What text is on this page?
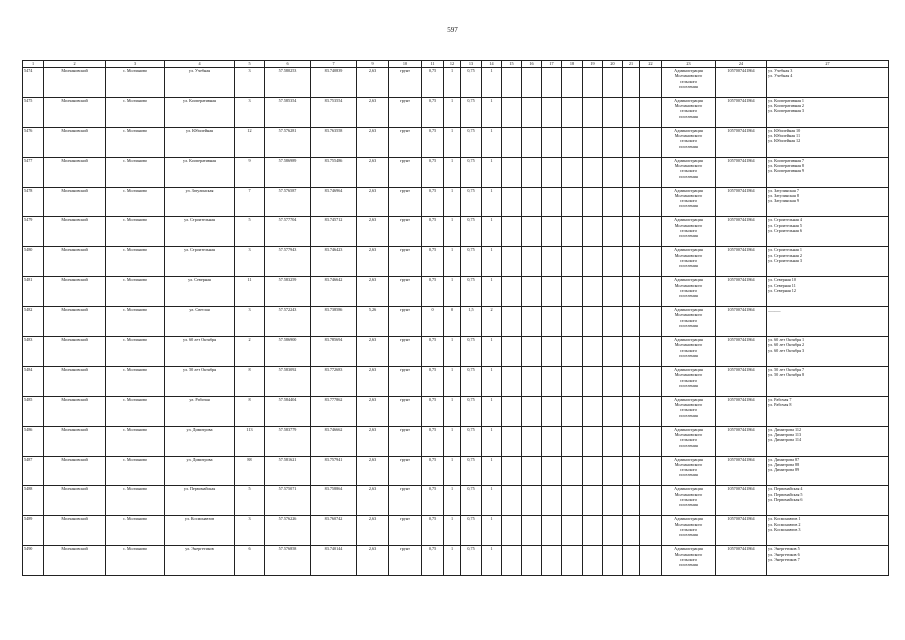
597
1	2	3	4	5	6	7	9	10	11	12	13	14	15	16	17	18	19	20	21	22	23	24	27
5474	Молчановский	с. Молчаново	ул. Учебная	3	57.580253	83.740839	2,63	грунт	0,75	1	0,75	1									Администрация
Молчановского
сельского
поселения	1057007441864	ул. Учебная 3
ул. Учебная 4

5475	Молчановский	с. Молчаново	ул. Кооперативная	3	57.585354	83.753554	2,63	грунт	0,75	1	0,75	1									Администрация
Молчановского
сельского
поселения	1057007441864	ул. Кооперативная 1
ул. Кооперативная 2
ул. Кооперативная 3

5476	Молчановский	с. Молчаново	ул. Юбилейная	12	57.576281	83.763558	2,63	грунт	0,75	1	0,75	1									Администрация
Молчановского
сельского
поселения	1057007441864	ул. Юбилейная 10
ул. Юбилейная 11
ул. Юбилейная 12

5477	Молчановский	с. Молчаново	ул. Кооперативная	9	57.586989	83.755486	2,63	грунт	0,75	1	0,75	1									Администрация
Молчановского
сельского
поселения	1057007441864	ул. Кооперативная 7
ул. Кооперативная 8
ул. Кооперативная 9

5478	Молчановский	с. Молчаново	ул. Затулинская	7	57.576587	83.746964	2,63	грунт	0,75	1	0,75	1									Администрация
Молчановского
сельского
поселения	1057007441864	ул. Затулинская 7
ул. Затулинская 8
ул. Затулинская 9

5479	Молчановский	с. Молчаново	ул. Строительная	5	57.577704	83.745712	2,63	грунт	0,75	1	0,75	1									Администрация
Молчановского
сельского
поселения	1057007441864	ул. Строительная 4
ул. Строительная 5
ул. Строительная 6

5480	Молчановский	с. Молчаново	ул. Строительная	3	57.577943	83.746423	2,63	грунт	0,75	1	0,75	1									Администрация
Молчановского
сельского
поселения	1057007441864	ул. Строительная 1
ул. Строительная 2
ул. Строительная 3

5481	Молчановский	с. Молчаново	ул. Северная	11	57.583259	83.746642	2,63	грунт	0,75	1	0,75	1									Администрация
Молчановского
сельского
поселения	1057007441864	ул. Северная 10
ул. Северная 11
ул. Северная 12

5482	Молчановский	с. Молчаново	ул. Светлая	3	57.572243	83.738586	5,26	грунт	0	0	1,5	2									Администрация
Молчановского
сельского
поселения	1057007441864	______

5483	Молчановский	с. Молчаново	ул. 60 лет Октября	2	57.586900	83.785694	2,63	грунт	0,75	1	0,75	1									Администрация
Молчановского
сельского
поселения	1057007441864	ул. 60 лет Октября 1
ул. 60 лет Октября 2
ул. 60 лет Октября 3

5484	Молчановский	с. Молчаново	ул. 50 лет Октября	8	57.583092	83.772683	2,63	грунт	0,75	1	0,75	1									Администрация
Молчановского
сельского
поселения	1057007441864	ул. 50 лет Октября 7
ул. 50 лет Октября 8

5485	Молчановский	с. Молчаново	ул. Рабочая	8	57.584404	83.777862	2,63	грунт	0,75	1	0,75	1									Администрация
Молчановского
сельского
поселения	1057007441864	ул. Рабочая 7
ул. Рабочая 8

5486	Молчановский	с. Молчаново	ул. Димитрова	113	57.583779	83.746662	2,63	грунт	0,75	1	0,75	1									Администрация
Молчановского
сельского
поселения	1057007441864	ул. Димитрова 112
ул. Димитрова 113
ул. Димитрова 114

5487	Молчановский	с. Молчаново	ул. Димитрова	88	57.581621	83.757941	2,63	грунт	0,75	1	0,75	1									Администрация
Молчановского
сельского
поселения	1057007441864	ул. Димитрова 87
ул. Димитрова 88
ул. Димитрова 89

5488	Молчановский	с. Молчаново	ул. Первомайская	5	57.575071	83.758864	2,63	грунт	0,75	1	0,75	1									Администрация
Молчановского
сельского
поселения	1057007441864	ул. Первомайская 4
ул. Первомайская 5
ул. Первомайская 6

5489	Молчановский	с. Молчаново	ул. Космонавтов	3	57.576226	83.760742	2,63	грунт	0,75	1	0,75	1									Администрация
Молчановского
сельского
поселения	1057007441864	ул. Космонавтов 1
ул. Космонавтов 2
ул. Космонавтов 3

5490	Молчановский	с. Молчаново	ул. Энергетиков	6	57.576858	83.740144	2,63	грунт	0,75	1	0,75	1									Администрация
Молчановского
сельского
поселения	1057007441864	ул. Энергетиков 5
ул. Энергетиков 6
ул. Энергетиков 7
